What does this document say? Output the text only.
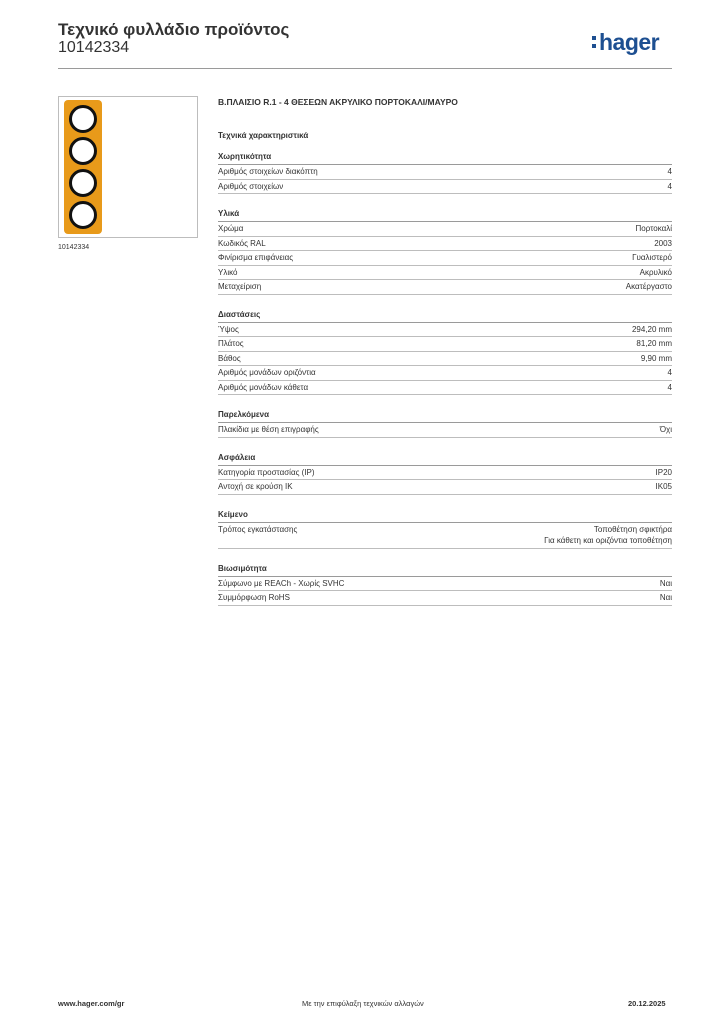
Τεχνικό φυλλάδιο προϊόντος
10142334	hager
10142334
Β.ΠΛΑΙΣΙΟ R.1 - 4 ΘΕΣΕΩΝ ΑΚΡΥΛΙΚΟ ΠΟΡΤΟΚΑΛΙ/ΜΑΥΡΟ
Τεχνικά χαρακτηριστικά
Χωρητικότητα
Αριθμός στοιχείων διακόπτη	4
Αριθμός στοιχείων	4
Υλικά
Χρώμα	Πορτοκαλί
Κωδικός RAL	2003
Φινίρισμα επιφάνειας	Γυαλιστερό
Υλικό	Ακρυλικό
Μεταχείριση	Ακατέργαστο
Διαστάσεις
Ύψος	294,20 mm
Πλάτος	81,20 mm
Βάθος	9,90 mm
Αριθμός μονάδων οριζόντια	4
Αριθμός μονάδων κάθετα	4
Παρελκόμενα
Πλακίδια με θέση επιγραφής	Όχι
Ασφάλεια
Κατηγορία προστασίας (IP)	IP20
Αντοχή σε κρούση IK	IK05
Κείμενο
Τρόπος εγκατάστασης	Τοποθέτηση σφικτήρα
Για κάθετη και οριζόντια τοποθέτηση
Βιωσιμότητα
Σύμφωνο με REACh - Χωρίς SVHC	Ναι
Συμμόρφωση RoHS	Ναι
www.hager.com/gr	Με την επιφύλαξη τεχνικών αλλαγών	20.12.2025
